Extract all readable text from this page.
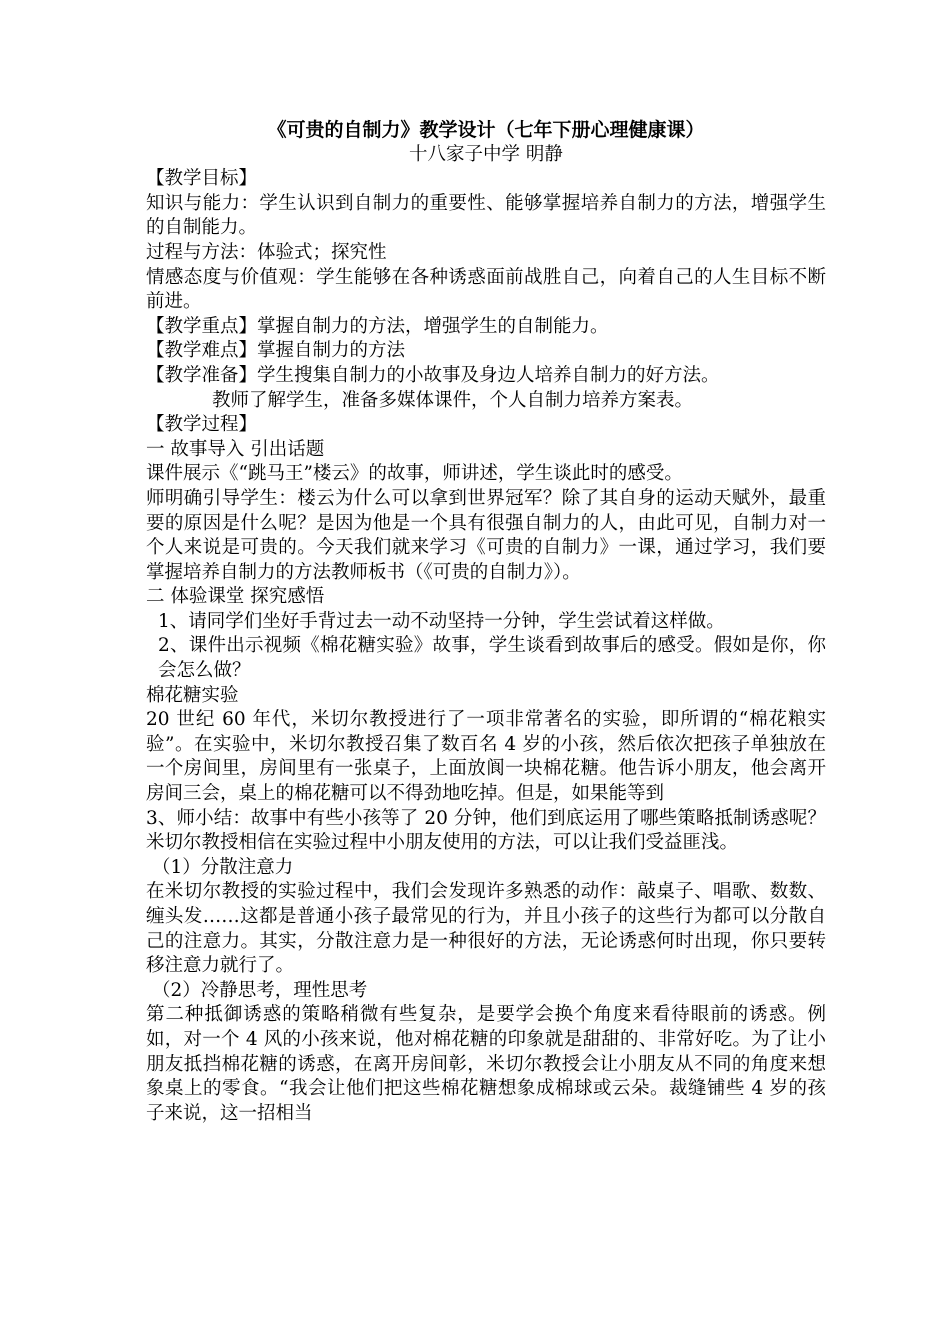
《可贵的自制力》教学设计（七年下册心理健康课）

十八家子中学 明静

【教学目标】

知识与能力：学生认识到自制力的重要性、能够掌握培养自制力的方法，增强学生的自制能力。

过程与方法：体验式；探究性

情感态度与价值观：学生能够在各种诱惑面前战胜自己，向着自己的人生目标不断前进。

【教学重点】掌握自制力的方法，增强学生的自制能力。

【教学难点】掌握自制力的方法

【教学准备】学生搜集自制力的小故事及身边人培养自制力的好方法。

教师了解学生，准备多媒体课件，个人自制力培养方案表。

【教学过程】

一 故事导入 引出话题

课件展示《“跳马王”楼云》的故事，师讲述，学生谈此时的感受。

师明确引导学生：楼云为什么可以拿到世界冠军？除了其自身的运动天赋外，最重要的原因是什么呢？是因为他是一个具有很强自制力的人，由此可见，自制力对一个人来说是可贵的。今天我们就来学习《可贵的自制力》一课，通过学习，我们要掌握培养自制力的方法教师板书（《可贵的自制力》）。

二 体验课堂 探究感悟

1、请同学们坐好手背过去一动不动坚持一分钟，学生尝试着这样做。

2、课件出示视频《棉花糖实验》故事，学生谈看到故事后的感受。假如是你，你会怎么做？

棉花糖实验

20 世纪 60 年代，米切尔教授进行了一项非常著名的实验，即所谓的“棉花粮实验”。在实验中，米切尔教授召集了数百名 4 岁的小孩，然后依次把孩子单独放在一个房间里，房间里有一张桌子，上面放阆一块棉花糖。他告诉小朋友，他会离开房间三会，桌上的棉花糖可以不得劲地吃掉。但是，如果能等到

3、师小结：故事中有些小孩等了 20 分钟，他们到底运用了哪些策略抵制诱惑呢？米切尔教授相信在实验过程中小朋友使用的方法，可以让我们受益匪浅。

（1）分散注意力

在米切尔教授的实验过程中，我们会发现许多熟悉的动作：敲桌子、唱歌、数数、缠头发……这都是普通小孩子最常见的行为，并且小孩子的这些行为都可以分散自己的注意力。其实，分散注意力是一种很好的方法，无论诱惑何时出现，你只要转移注意力就行了。

（2）冷静思考，理性思考

第二种抵御诱惑的策略稍微有些复杂，是要学会换个角度来看待眼前的诱惑。例如，对一个 4 风的小孩来说，他对棉花糖的印象就是甜甜的、非常好吃。为了让小朋友抵挡棉花糖的诱惑，在离开房间彰，米切尔教授会让小朋友从不同的角度来想象桌上的零食。“我会让他们把这些棉花糖想象成棉球或云朵。裁缝铺些 4 岁的孩子来说，这一招相当
